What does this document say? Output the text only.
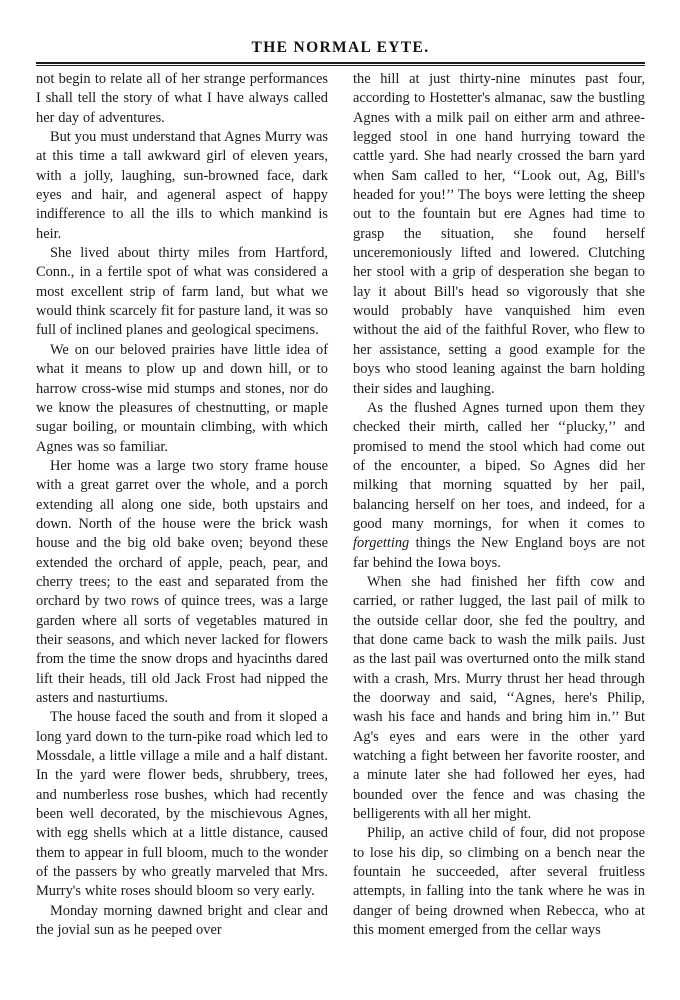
THE NORMAL EYTE.

not begin to relate all of her strange performances I shall tell the story of what I have always called her day of adventures.

But you must understand that Agnes Murry was at this time a tall awkward girl of eleven years, with a jolly, laughing, sun-browned face, dark eyes and hair, and ageneral aspect of happy indifference to all the ills to which mankind is heir.

She lived about thirty miles from Hartford, Conn., in a fertile spot of what was considered a most excellent strip of farm land, but what we would think scarcely fit for pasture land, it was so full of inclined planes and geological specimens.

We on our beloved prairies have little idea of what it means to plow up and down hill, or to harrow cross-wise mid stumps and stones, nor do we know the pleasures of chestnutting, or maple sugar boiling, or mountain climbing, with which Agnes was so familiar.

Her home was a large two story frame house with a great garret over the whole, and a porch extending all along one side, both upstairs and down. North of the house were the brick wash house and the big old bake oven; beyond these extended the orchard of apple, peach, pear, and cherry trees; to the east and separated from the orchard by two rows of quince trees, was a large garden where all sorts of vegetables matured in their seasons, and which never lacked for flowers from the time the snow drops and hyacinths dared lift their heads, till old Jack Frost had nipped the asters and nasturtiums.

The house faced the south and from it sloped a long yard down to the turn-pike road which led to Mossdale, a little village a mile and a half distant. In the yard were flower beds, shrubbery, trees, and numberless rose bushes, which had recently been well decorated, by the mischievous Agnes, with egg shells which at a little distance, caused them to appear in full bloom, much to the wonder of the passers by who greatly marveled that Mrs. Murry's white roses should bloom so very early.

Monday morning dawned bright and clear and the jovial sun as he peeped over

the hill at just thirty-nine minutes past four, according to Hostetter's almanac, saw the bustling Agnes with a milk pail on either arm and athree-legged stool in one hand hurrying toward the cattle yard. She had nearly crossed the barn yard when Sam called to her, ‘‘Look out, Ag, Bill's headed for you!’’ The boys were letting the sheep out to the fountain but ere Agnes had time to grasp the situation, she found herself unceremoniously lifted and lowered. Clutching her stool with a grip of desperation she began to lay it about Bill's head so vigorously that she would probably have vanquished him even without the aid of the faithful Rover, who flew to her assistance, setting a good example for the boys who stood leaning against the barn holding their sides and laughing.

As the flushed Agnes turned upon them they checked their mirth, called her ‘‘plucky,’’ and promised to mend the stool which had come out of the encounter, a biped. So Agnes did her milking that morning squatted by her pail, balancing herself on her toes, and indeed, for a good many mornings, for when it comes to forgetting things the New England boys are not far behind the Iowa boys.

When she had finished her fifth cow and carried, or rather lugged, the last pail of milk to the outside cellar door, she fed the poultry, and that done came back to wash the milk pails. Just as the last pail was overturned onto the milk stand with a crash, Mrs. Murry thrust her head through the doorway and said, ‘‘Agnes, here's Philip, wash his face and hands and bring him in.’’ But Ag's eyes and ears were in the other yard watching a fight between her favorite rooster, and a minute later she had followed her eyes, had bounded over the fence and was chasing the belligerents with all her might.

Philip, an active child of four, did not propose to lose his dip, so climbing on a bench near the fountain he succeeded, after several fruitless attempts, in falling into the tank where he was in danger of being drowned when Rebecca, who at this moment emerged from the cellar ways
